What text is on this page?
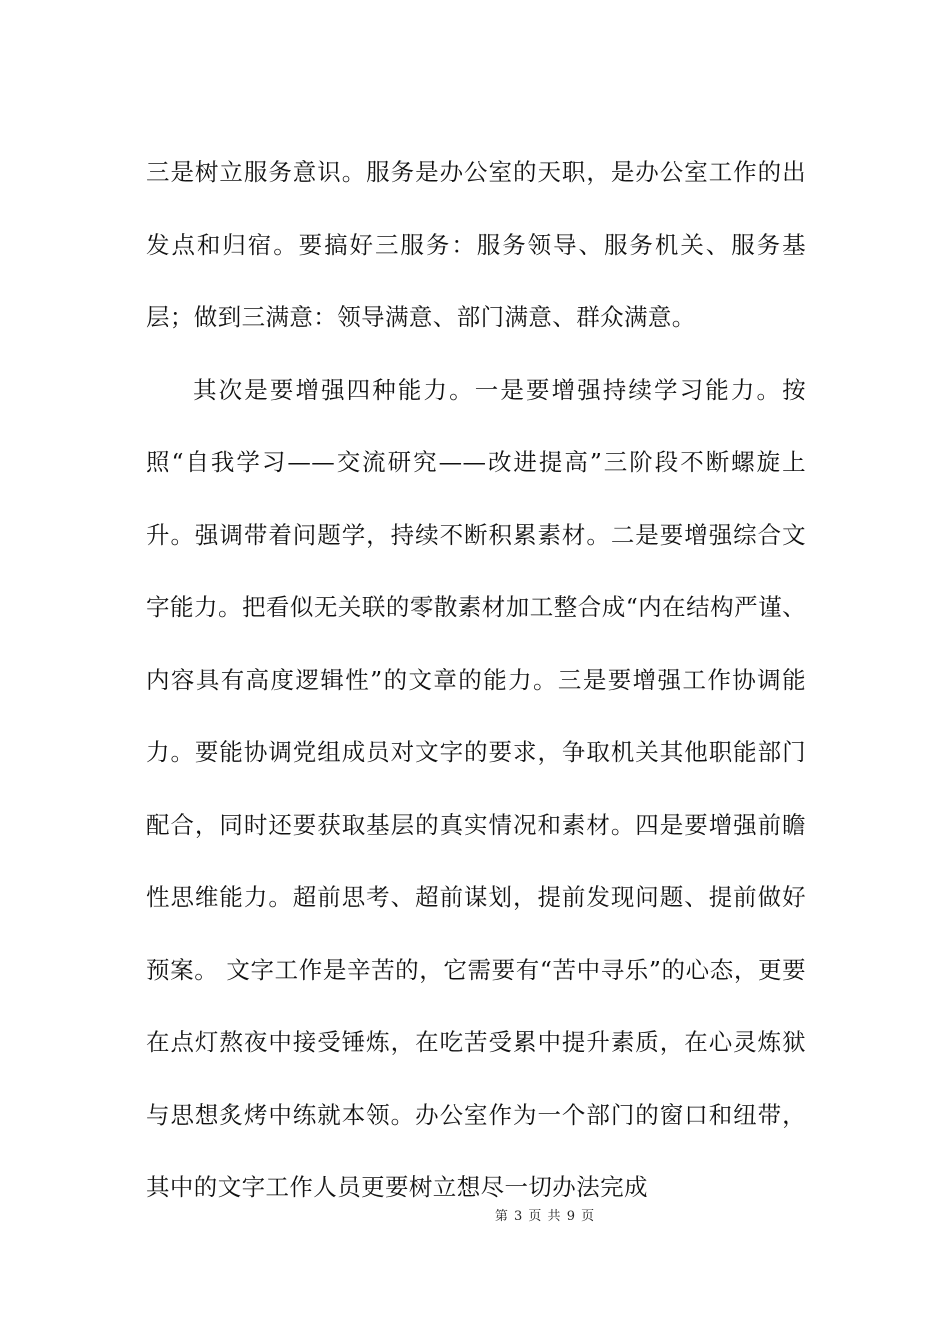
三是树立服务意识。服务是办公室的天职，是办公室工作的出发点和归宿。要搞好三服务：服务领导、服务机关、服务基层；做到三满意：领导满意、部门满意、群众满意。

其次是要增强四种能力。一是要增强持续学习能力。按照“自我学习——交流研究——改进提高”三阶段不断螺旋上升。强调带着问题学，持续不断积累素材。二是要增强综合文字能力。把看似无关联的零散素材加工整合成“内在结构严谨、内容具有高度逻辑性”的文章的能力。三是要增强工作协调能力。要能协调党组成员对文字的要求，争取机关其他职能部门配合，同时还要获取基层的真实情况和素材。四是要增强前瞻性思维能力。超前思考、超前谋划，提前发现问题、提前做好预案。 文字工作是辛苦的，它需要有“苦中寻乐”的心态，更要在点灯熬夜中接受锤炼，在吃苦受累中提升素质，在心灵炼狱与思想炙烤中练就本领。办公室作为一个部门的窗口和纽带，其中的文字工作人员更要树立想尽一切办法完成

第 3 页 共 9 页
